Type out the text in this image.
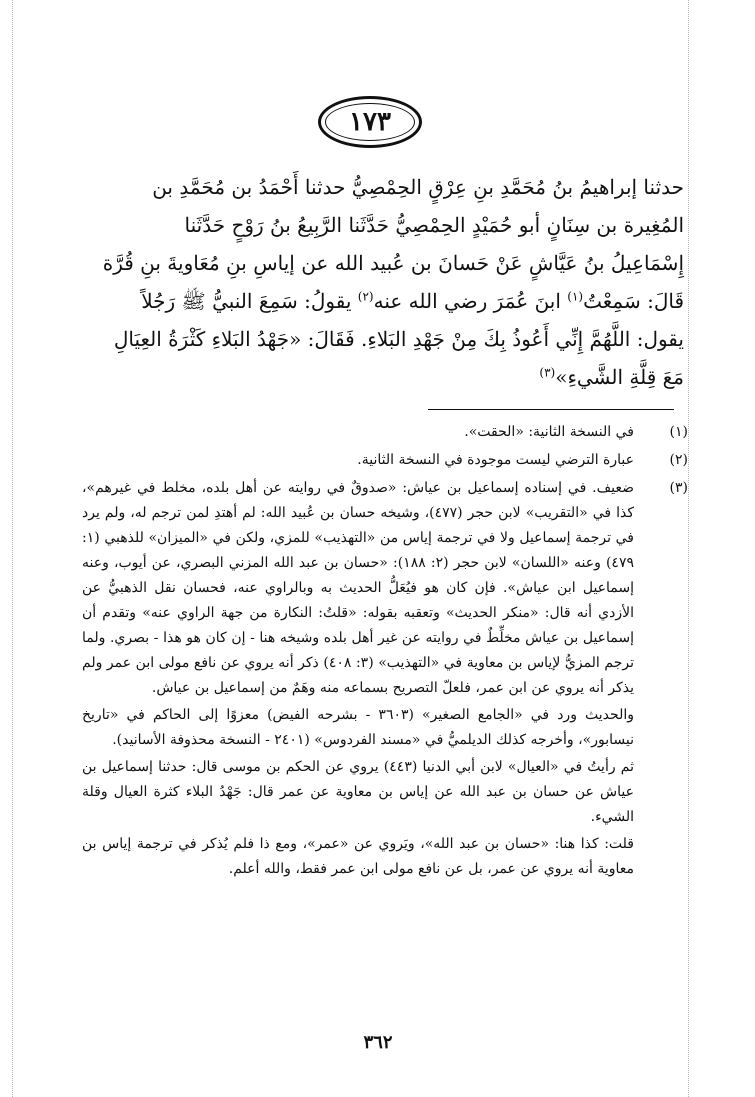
١٧٣
حدثنا إبراهيمُ بنُ مُحَمَّدِ بنِ عِرْقٍ الحِمْصِيُّ حدثنا أَحْمَدُ بن مُحَمَّدِ بن
المُغِيرة بن سِنَانٍ أبو حُمَيْدٍ الحِمْصِيُّ حَدَّثَنا الرَّبِيعُ بنُ رَوْحٍ حَدَّثَنا
إِسْمَاعِيلُ بنُ عَيَّاشٍ عَنْ حَسانَ بن عُبيد الله عن إياسِ بنِ مُعَاويةَ بنِ قُرَّة
قَالَ: سَمِعْتُ$^{(١)}$ ابنَ عُمَرَ رضي الله عنه$^{(٢)}$ يقولُ: سَمِعَ النبيُّ ﷺ رَجُلاً
يقول: اللَّهُمَّ إِنِّي أَعُوذُ بِكَ مِنْ جَهْدِ البَلاءِ. فَقَالَ: «جَهْدُ البَلاءِ كَثْرَةُ العِيَالِ
مَعَ قِلَّةِ الشَّيءِ»$^{(٣)}$
(١)

في النسخة الثانية: «الحقت».

(٢)

عبارة الترضي ليست موجودة في النسخة الثانية.

(٣)

ضعيف. في إسناده إسماعيل بن عياش: «صدوقٌ في روايته عن أهل بلده، مخلط في غيرهم»، كذا في «التقريب» لابن حجر (٤٧٧)، وشيخه حسان بن عُبيد الله: لم أهتدِ لمن ترجم له، ولم يرد في ترجمة إسماعيل ولا في ترجمة إياس من «التهذيب» للمزي، ولكن في «الميزان» للذهبي (١: ٤٧٩) وعنه «اللسان» لابن حجر (٢: ١٨٨): «حسان بن عبد الله المزني البصري، عن أيوب، وعنه إسماعيل ابن عياش». فإن كان هو فيُعَلُّ الحديث به وبالراوي عنه، فحسان نقل الذهبيُّ عن الأزدي أنه قال: «منكر الحديث» وتعقبه بقوله: «قلتُ: النكارة من جهة الراوي عنه» وتقدم أن إسماعيل بن عياش مخلِّطٌ في روايته عن غير أهل بلده وشيخه هنا - إن كان هو هذا - بصري. ولما ترجم المزيُّ لإياس بن معاوية في «التهذيب» (٣: ٤٠٨) ذكر أنه يروي عن نافع مولى ابن عمر ولم يذكر أنه يروي عن ابن عمر، فلعلّ التصريح بسماعه منه وهَمٌ من إسماعيل بن عياش.

والحديث ورد في «الجامع الصغير» (٣٦٠٣ - بشرحه الفيض) معزوًا إلى الحاكم في «تاريخ نيسابور»، وأخرجه كذلك الديلميُّ في «مسند الفردوس» (٢٤٠١ - النسخة محذوفة الأسانيد).

ثم رأيتُ في «العيال» لابن أبي الدنيا (٤٤٣) يروي عن الحكم بن موسى قال: حدثنا إسماعيل بن عياش عن حسان بن عبد الله عن إياس بن معاوية عن عمر قال: جَهْدُ البلاء كثرة العيال وقلة الشيء.

قلت: كذا هنا: «حسان بن عبد الله»، ويَروي عن «عمر»، ومع ذا فلم يُذكر في ترجمة إياس بن معاوية أنه يروي عن عمر، بل عن نافع مولى ابن عمر فقط، والله أعلم.

٣٦٢
